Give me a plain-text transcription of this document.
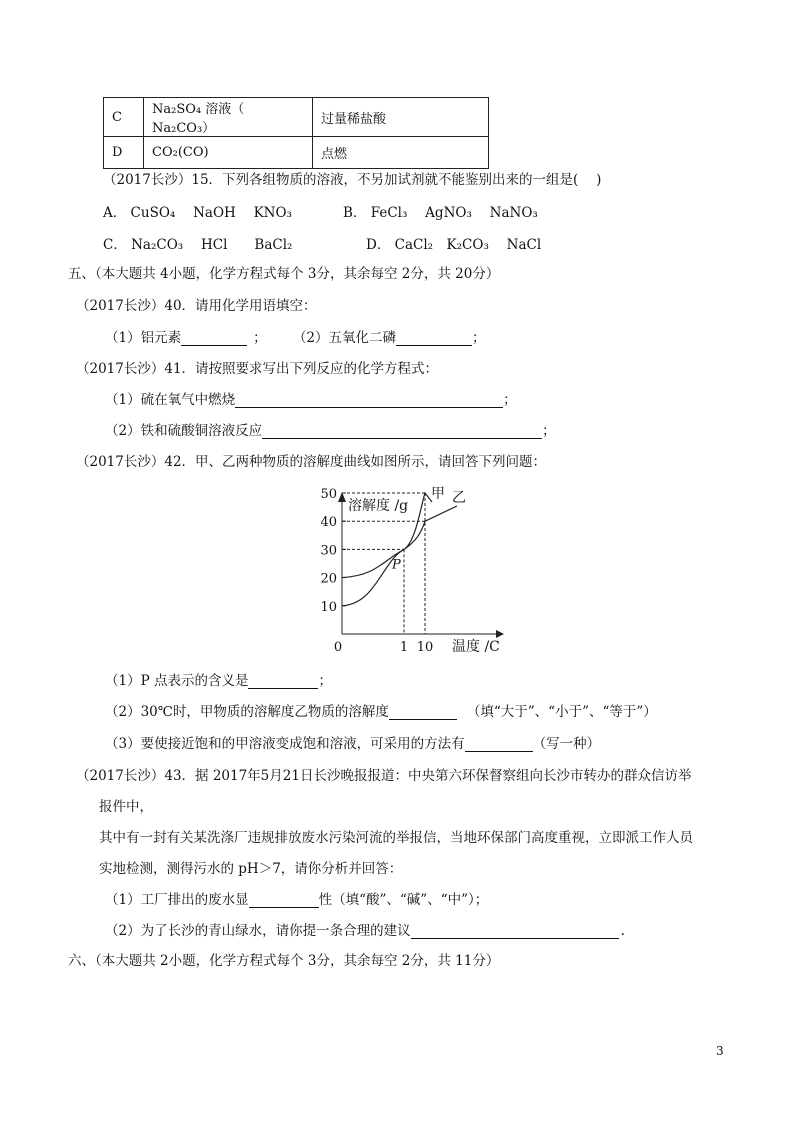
C	Na₂SO₄ 溶液（ Na₂CO₃）	过量稀盐酸
D	CO₂(CO)	点燃
（2017长沙）15．下列各组物质的溶液，不另加试剂就不能鉴别出来的一组是(　 )
A． CuSO₄　 NaOH　 KNO₃	B． FeCl₃　 AgNO₃　 NaNO₃
C． Na₂CO₃　 HCl　　BaCl₂	D． CaCl₂　K₂CO₃　 NaCl
五、（本大题共 4小题，化学方程式每个 3分，其余每空 2分，共 20分）
（2017长沙）40．请用化学用语填空：
（1）铝元素	； （2）五氧化二磷	；
（2017长沙）41．请按照要求写出下列反应的化学方程式：
（1）硫在氧气中燃烧	；
（2）铁和硫酸铜溶液反应	；
（2017长沙）42．甲、乙两种物质的溶解度曲线如图所示，请回答下列问题：
10
20
30
40
50
0	1 10
甲 乙
P
溶解度 /g
温度 /C
（1）P 点表示的含义是	；
（2）30℃时，甲物质的溶解度乙物质的溶解度	（填“大于”、“小于”、“等于”）
（3）要使接近饱和的甲溶液变成饱和溶液，可采用的方法有	（写一种）
（2017长沙）43．据 2017年5月21日长沙晚报报道：中央第六环保督察组向长沙市转办的群众信访举
报件中，
其中有一封有关某洗涤厂违规排放废水污染河流的举报信，当地环保部门高度重视，立即派工作人员
实地检测，测得污水的 pH＞7，请你分析并回答：
（1）工厂排出的废水显	性（填“酸”、“碱”、“中”）；
（2）为了长沙的青山绿水，请你提一条合理的建议	.
六、（本大题共 2小题，化学方程式每个 3分，其余每空 2分，共 11分）
3
